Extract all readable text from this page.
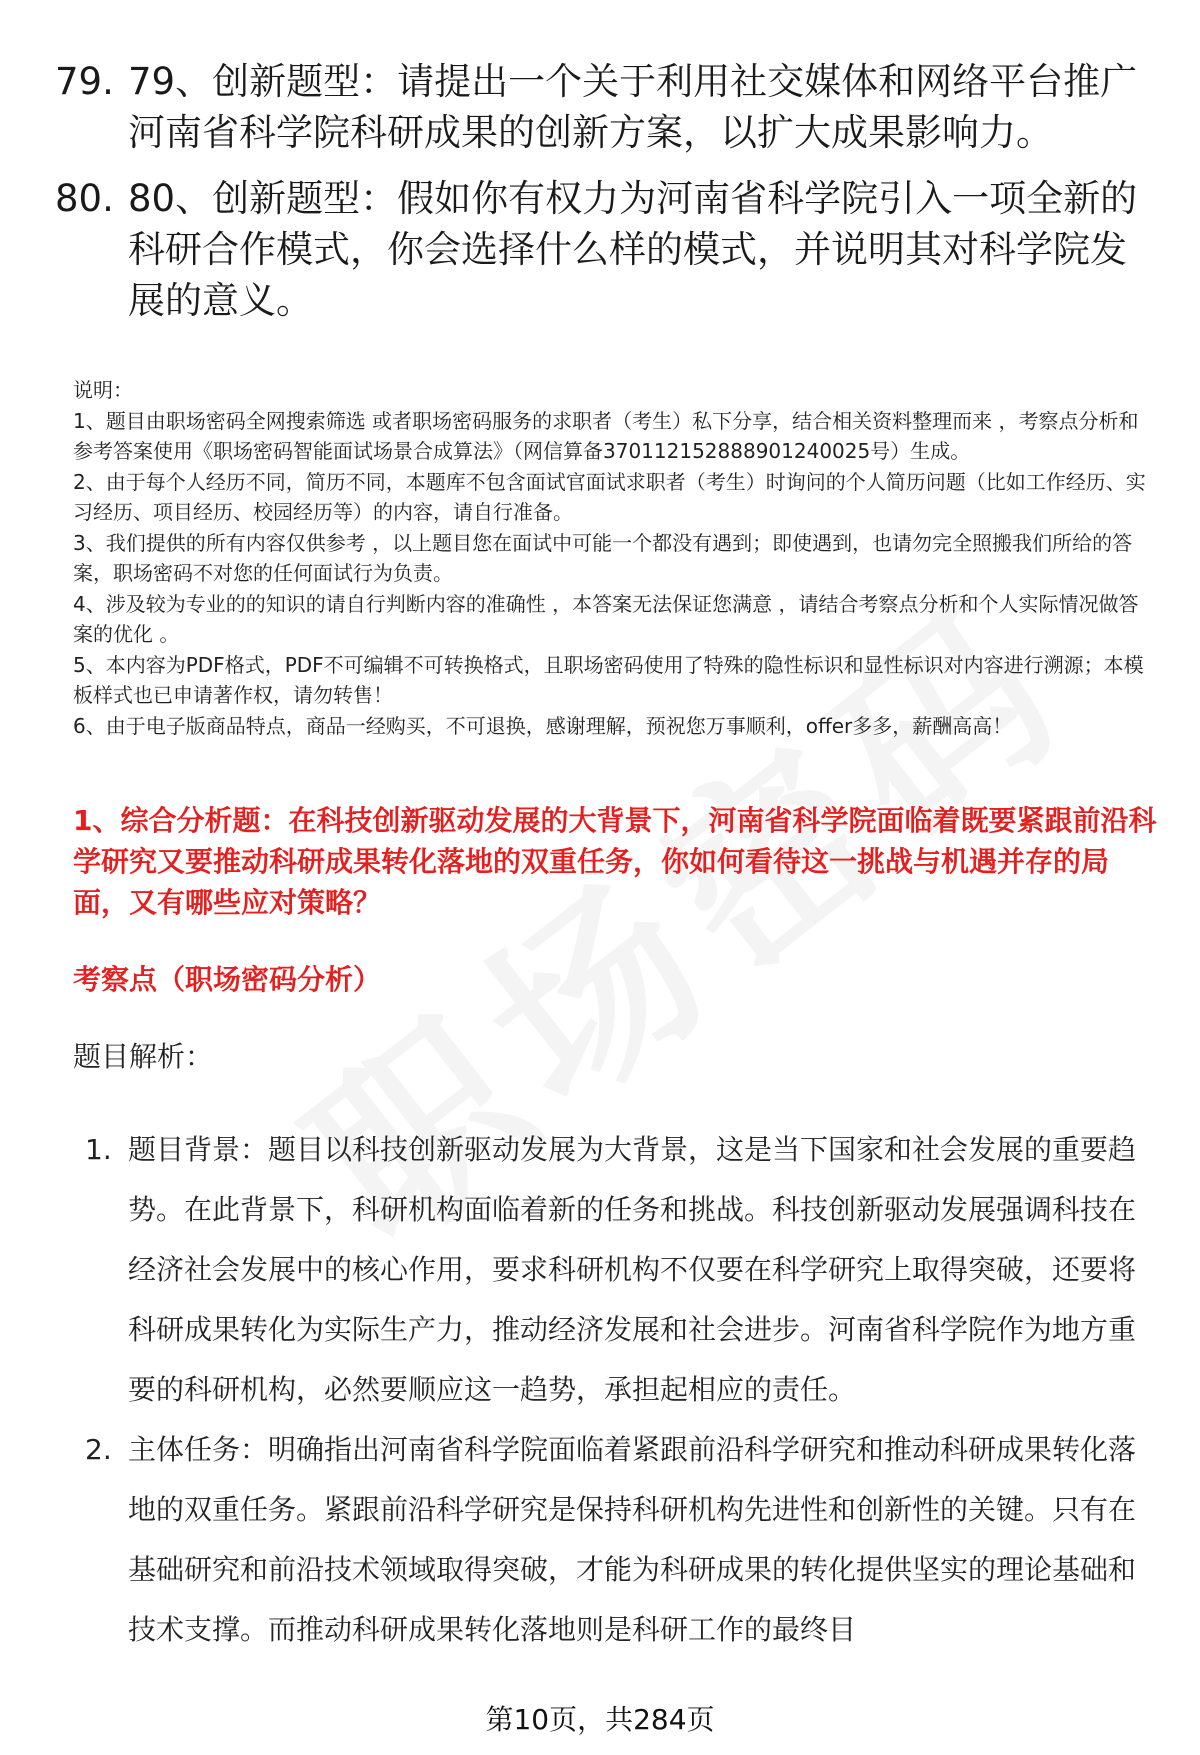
79. 79、创新题型：请提出一个关于利用社交媒体和网络平台推广河南省科学院科研成果的创新方案，以扩大成果影响力。
80. 80、创新题型：假如你有权力为河南省科学院引入一项全新的科研合作模式，你会选择什么样的模式，并说明其对科学院发展的意义。

说明：

1、题目由职场密码全网搜索筛选 或者职场密码服务的求职者（考生）私下分享，结合相关资料整理而来 ，考察点分析和参考答案使用《职场密码智能面试场景合成算法》（网信算备370112152888901240025号）生成。

2、由于每个人经历不同，简历不同，本题库不包含面试官面试求职者（考生）时询问的个人简历问题（比如工作经历、实习经历、项目经历、校园经历等）的内容，请自行准备。

3、我们提供的所有内容仅供参考 ，以上题目您在面试中可能一个都没有遇到；即使遇到，也请勿完全照搬我们所给的答案，职场密码不对您的任何面试行为负责。

4、涉及较为专业的的知识的请自行判断内容的准确性 ，本答案无法保证您满意 ，请结合考察点分析和个人实际情况做答案的优化 。

5、本内容为PDF格式，PDF不可编辑不可转换格式，且职场密码使用了特殊的隐性标识和显性标识对内容进行溯源；本模板样式也已申请著作权，请勿转售！

6、由于电子版商品特点，商品一经购买，不可退换，感谢理解，预祝您万事顺利，offer多多，薪酬高高！

1、综合分析题：在科技创新驱动发展的大背景下，河南省科学院面临着既要紧跟前沿科学研究又要推动科研成果转化落地的双重任务，你如何看待这一挑战与机遇并存的局面，又有哪些应对策略？
考察点（职场密码分析）
题目解析：
1. 题目背景：题目以科技创新驱动发展为大背景，这是当下国家和社会发展的重要趋势。在此背景下，科研机构面临着新的任务和挑战。科技创新驱动发展强调科技在经济社会发展中的核心作用，要求科研机构不仅要在科学研究上取得突破，还要将科研成果转化为实际生产力，推动经济发展和社会进步。河南省科学院作为地方重要的科研机构，必然要顺应这一趋势，承担起相应的责任。
2. 主体任务：明确指出河南省科学院面临着紧跟前沿科学研究和推动科研成果转化落地的双重任务。紧跟前沿科学研究是保持科研机构先进性和创新性的关键。只有在基础研究和前沿技术领域取得突破，才能为科研成果的转化提供坚实的理论基础和技术支撑。而推动科研成果转化落地则是科研工作的最终目
第10页，共284页
